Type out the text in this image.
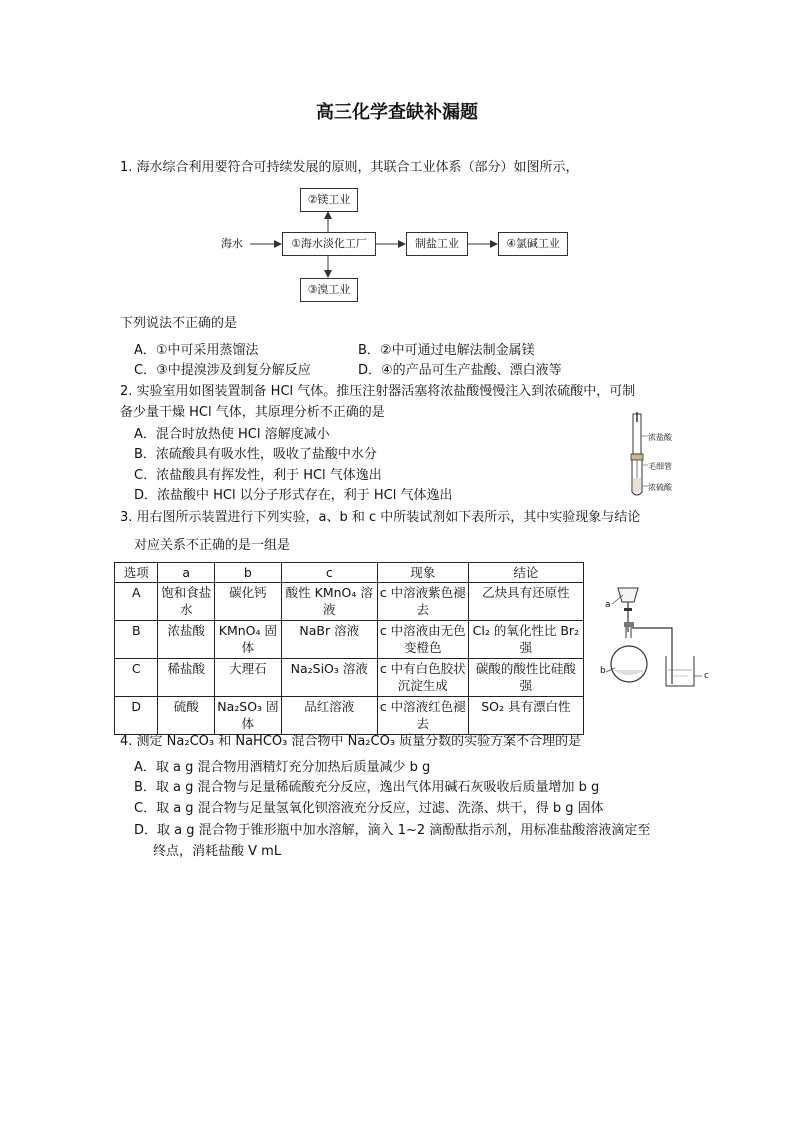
高三化学查缺补漏题
1. 海水综合利用要符合可持续发展的原则，其联合工业体系（部分）如图所示，
②镁工业
海水	①海水淡化工厂	制盐工业	④氯碱工业
③溴工业
下列说法不正确的是
A．①中可采用蒸馏法	B．②中可通过电解法制金属镁
C．③中提溴涉及到复分解反应	D．④的产品可生产盐酸、漂白液等
2. 实验室用如图装置制备 HCl 气体。推压注射器活塞将浓盐酸慢慢注入到浓硫酸中，可制
备少量干燥 HCl 气体，其原理分析不正确的是
A．混合时放热使 HCl 溶解度减小
B．浓硫酸具有吸水性，吸收了盐酸中水分
C．浓盐酸具有挥发性，利于 HCl 气体逸出
D．浓盐酸中 HCl 以分子形式存在，利于 HCl 气体逸出
浓盐酸
毛细管
浓硫酸
3. 用右图所示装置进行下列实验，a、b 和 c 中所装试剂如下表所示，其中实验现象与结论
对应关系不正确的是一组是
选项	a	b	c	现象	结论
A	饱和食盐水	碳化钙	酸性 KMnO₄ 溶液	c 中溶液紫色褪去	乙炔具有还原性
B	浓盐酸	KMnO₄ 固体	NaBr 溶液	c 中溶液由无色变橙色	Cl₂ 的氧化性比 Br₂ 强
C	稀盐酸	大理石	Na₂SiO₃ 溶液	c 中有白色胶状沉淀生成	碳酸的酸性比硅酸强
D	硫酸	Na₂SO₃ 固体	品红溶液	c 中溶液红色褪去	SO₂ 具有漂白性
a
b	c
4. 测定 Na₂CO₃ 和 NaHCO₃ 混合物中 Na₂CO₃ 质量分数的实验方案不合理的是
A．取 a g 混合物用酒精灯充分加热后质量减少 b g
B．取 a g 混合物与足量稀硫酸充分反应，逸出气体用碱石灰吸收后质量增加 b g
C．取 a g 混合物与足量氢氧化钡溶液充分反应，过滤、洗涤、烘干，得 b g 固体
D．取 a g 混合物于锥形瓶中加水溶解，滴入 1~2 滴酚酞指示剂，用标准盐酸溶液滴定至
终点，消耗盐酸 V mL
